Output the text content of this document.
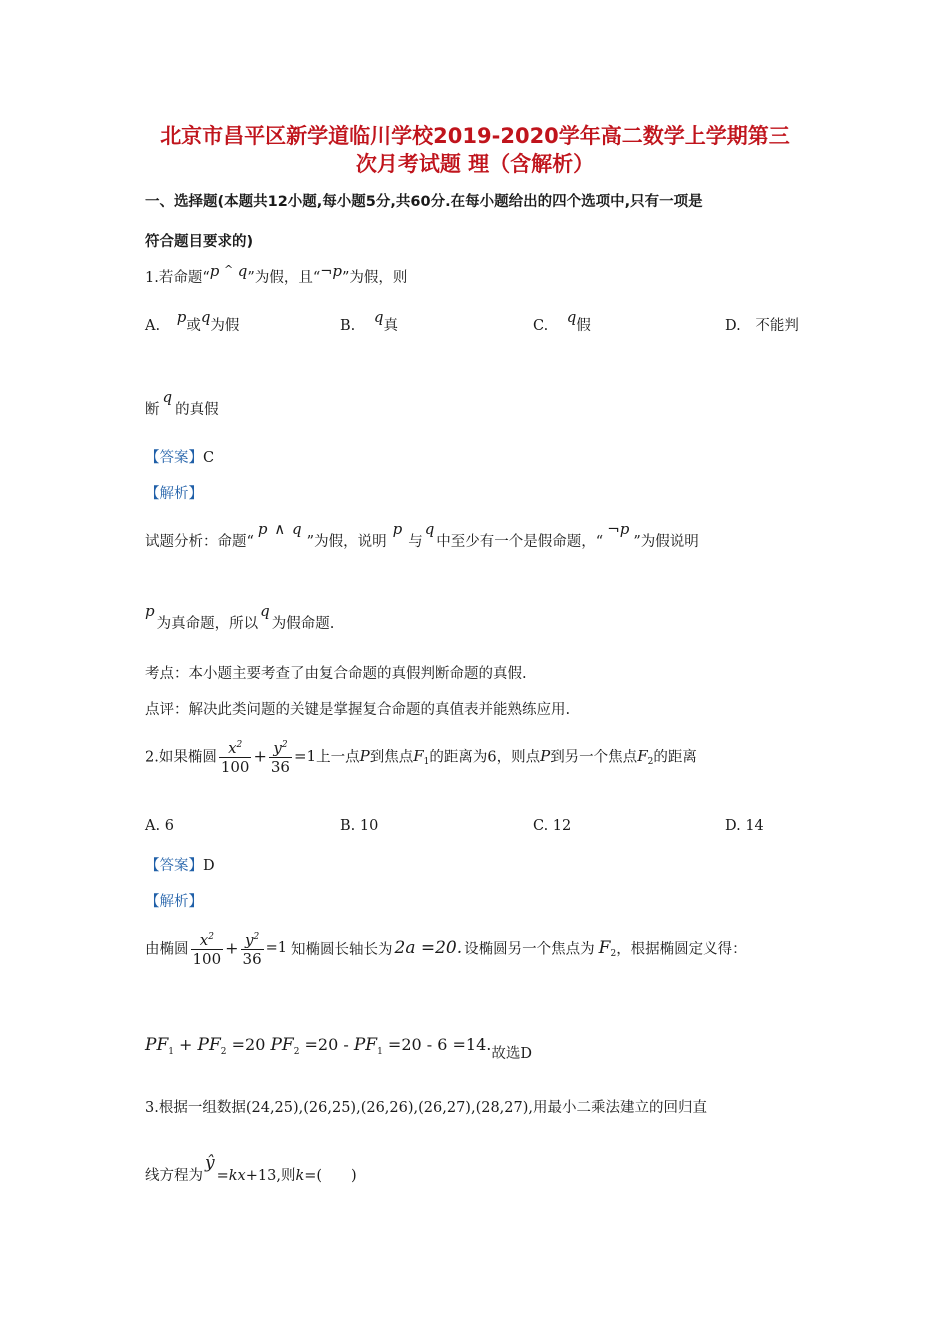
北京市昌平区新学道临川学校2019-2020学年高二数学上学期第三
次月考试题 理（含解析）
一、选择题(本题共12小题,每小题5分,共60分.在每小题给出的四个选项中,只有一项是
符合题目要求的)
1.若命题“p ^ q”为假，且“¬p”为假，则
A. p或q为假	B. q真	C. q假	D. 不能判
断q的真假
【答案】C
【解析】
试题分析：命题“p ∧ q”为假，说明p与q中至少有一个是假命题，“¬p”为假说明
p为真命题，所以q为假命题.
考点：本小题主要考查了由复合命题的真假判断命题的真假.
点评：解决此类问题的关键是掌握复合命题的真值表并能熟练应用.
2.如果椭圆 $\frac{x^2}{100} + \frac{y^2}{36} =1$上一点P到焦点$F_1$的距离为6，则点P到另一个焦点$F_2$的距离
A. 6	B. 10	C. 12	D. 14
【答案】D
【解析】
由椭圆 $\frac{x^2}{100} + \frac{y^2}{36} =1$ 知椭圆长轴长为 2a =20. 设椭圆另一个焦点为 $F_2$，根据椭圆定义得：
$PF_1 + PF_2 =20$ $PF_2 =20 - PF_1 =20 - 6 =14$.故选D
3.根据一组数据(24,25),(26,25),(26,26),(26,27),(28,27),用最小二乘法建立的回归直
线方程为ŷ=kx+13,则k=(　　)
